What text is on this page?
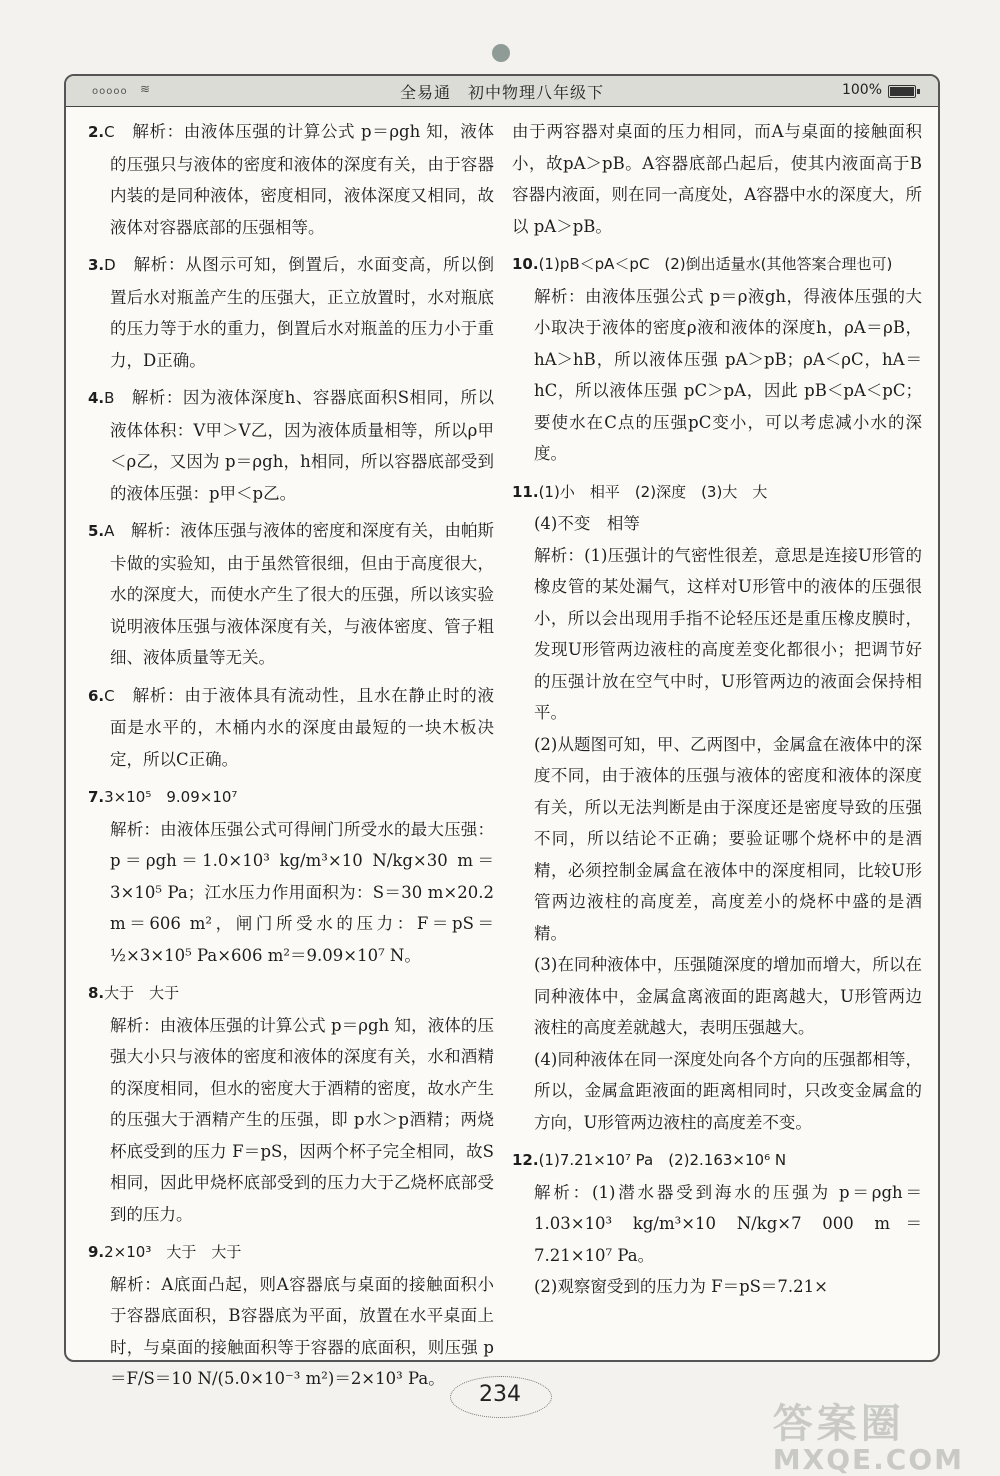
ooooo ≋	全易通　初中物理八年级下	100%

2.C　解析：由液体压强的计算公式 p＝ρgh 知，液体的压强只与液体的密度和液体的深度有关，由于容器内装的是同种液体，密度相同，液体深度又相同，故液体对容器底部的压强相等。

3.D　解析：从图示可知，倒置后，水面变高，所以倒置后水对瓶盖产生的压强大，正立放置时，水对瓶底的压力等于水的重力，倒置后水对瓶盖的压力小于重力，D正确。

4.B　解析：因为液体深度h、容器底面积S相同，所以液体体积：V甲＞V乙，因为液体质量相等，所以ρ甲＜ρ乙，又因为 p＝ρgh，h相同，所以容器底部受到的液体压强：p甲＜p乙。

5.A　解析：液体压强与液体的密度和深度有关，由帕斯卡做的实验知，由于虽然管很细，但由于高度很大，水的深度大，而使水产生了很大的压强，所以该实验说明液体压强与液体深度有关，与液体密度、管子粗细、液体质量等无关。

6.C　解析：由于液体具有流动性，且水在静止时的液面是水平的，木桶内水的深度由最短的一块木板决定，所以C正确。

7.3×10⁵　9.09×10⁷

解析：由液体压强公式可得闸门所受水的最大压强：p＝ρgh＝1.0×10³ kg/m³×10 N/kg×30 m＝3×10⁵ Pa；江水压力作用面积为：S＝30 m×20.2 m＝606 m²，闸门所受水的压力：F＝pS＝½×3×10⁵ Pa×606 m²＝9.09×10⁷ N。

8.大于　大于

解析：由液体压强的计算公式 p＝ρgh 知，液体的压强大小只与液体的密度和液体的深度有关，水和酒精的深度相同，但水的密度大于酒精的密度，故水产生的压强大于酒精产生的压强，即 p水＞p酒精；两烧杯底受到的压力 F＝pS，因两个杯子完全相同，故S相同，因此甲烧杯底部受到的压力大于乙烧杯底部受到的压力。

9.2×10³　大于　大于

解析：A底面凸起，则A容器底与桌面的接触面积小于容器底面积，B容器底为平面，放置在水平桌面上时，与桌面的接触面积等于容器的底面积，则压强 p＝F/S＝10 N/(5.0×10⁻³ m²)＝2×10³ Pa。

由于两容器对桌面的压力相同，而A与桌面的接触面积小，故pA＞pB。A容器底部凸起后，使其内液面高于B容器内液面，则在同一高度处，A容器中水的深度大，所以 pA＞pB。

10.(1)pB＜pA＜pC　(2)倒出适量水(其他答案合理也可)

解析：由液体压强公式 p＝ρ液gh，得液体压强的大小取决于液体的密度ρ液和液体的深度h，ρA＝ρB，hA＞hB，所以液体压强 pA＞pB；ρA＜ρC，hA＝hC，所以液体压强 pC＞pA，因此 pB＜pA＜pC；要使水在C点的压强pC变小，可以考虑减小水的深度。

11.(1)小　相平　(2)深度　(3)大　大

(4)不变　相等

解析：(1)压强计的气密性很差，意思是连接U形管的橡皮管的某处漏气，这样对U形管中的液体的压强很小，所以会出现用手指不论轻压还是重压橡皮膜时，发现U形管两边液柱的高度差变化都很小；把调节好的压强计放在空气中时，U形管两边的液面会保持相平。

(2)从题图可知，甲、乙两图中，金属盒在液体中的深度不同，由于液体的压强与液体的密度和液体的深度有关，所以无法判断是由于深度还是密度导致的压强不同，所以结论不正确；要验证哪个烧杯中的是酒精，必须控制金属盒在液体中的深度相同，比较U形管两边液柱的高度差，高度差小的烧杯中盛的是酒精。

(3)在同种液体中，压强随深度的增加而增大，所以在同种液体中，金属盒离液面的距离越大，U形管两边液柱的高度差就越大，表明压强越大。

(4)同种液体在同一深度处向各个方向的压强都相等，所以，金属盒距液面的距离相同时，只改变金属盒的方向，U形管两边液柱的高度差不变。

12.(1)7.21×10⁷ Pa　(2)2.163×10⁶ N

解析：(1)潜水器受到海水的压强为 p＝ρgh＝1.03×10³ kg/m³×10 N/kg×7 000 m＝7.21×10⁷ Pa。

(2)观察窗受到的压力为 F＝pS＝7.21×

234
答案圈
MXQE.COM
